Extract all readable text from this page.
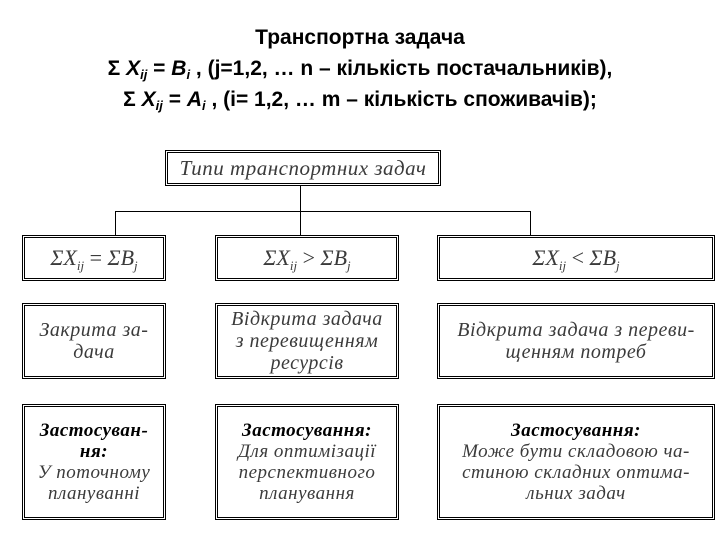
Транспортна задача
Σ $X_{ij} = B_i$ , (j=1,2, … n – кількість постачальників),
Σ $X_{ij} = A_i$ , (i= 1,2, … m – кількість споживачів);
Типи транспортних задач
$\Sigma X_{ij} = \Sigma B_j$	$\Sigma X_{ij} > \Sigma B_j$	$\Sigma X_{ij} < \Sigma B_j$
Закрита за-
дача
Відкрита задача
з перевищенням
ресурсів
Відкрита задача з переви-
щенням потреб
Застосуван-
ня:
У поточному
плануванні
Застосування:
Для оптимізації
перспективного
планування
Застосування:
Може бути складовою ча-
стиною складних оптима-
льних задач
